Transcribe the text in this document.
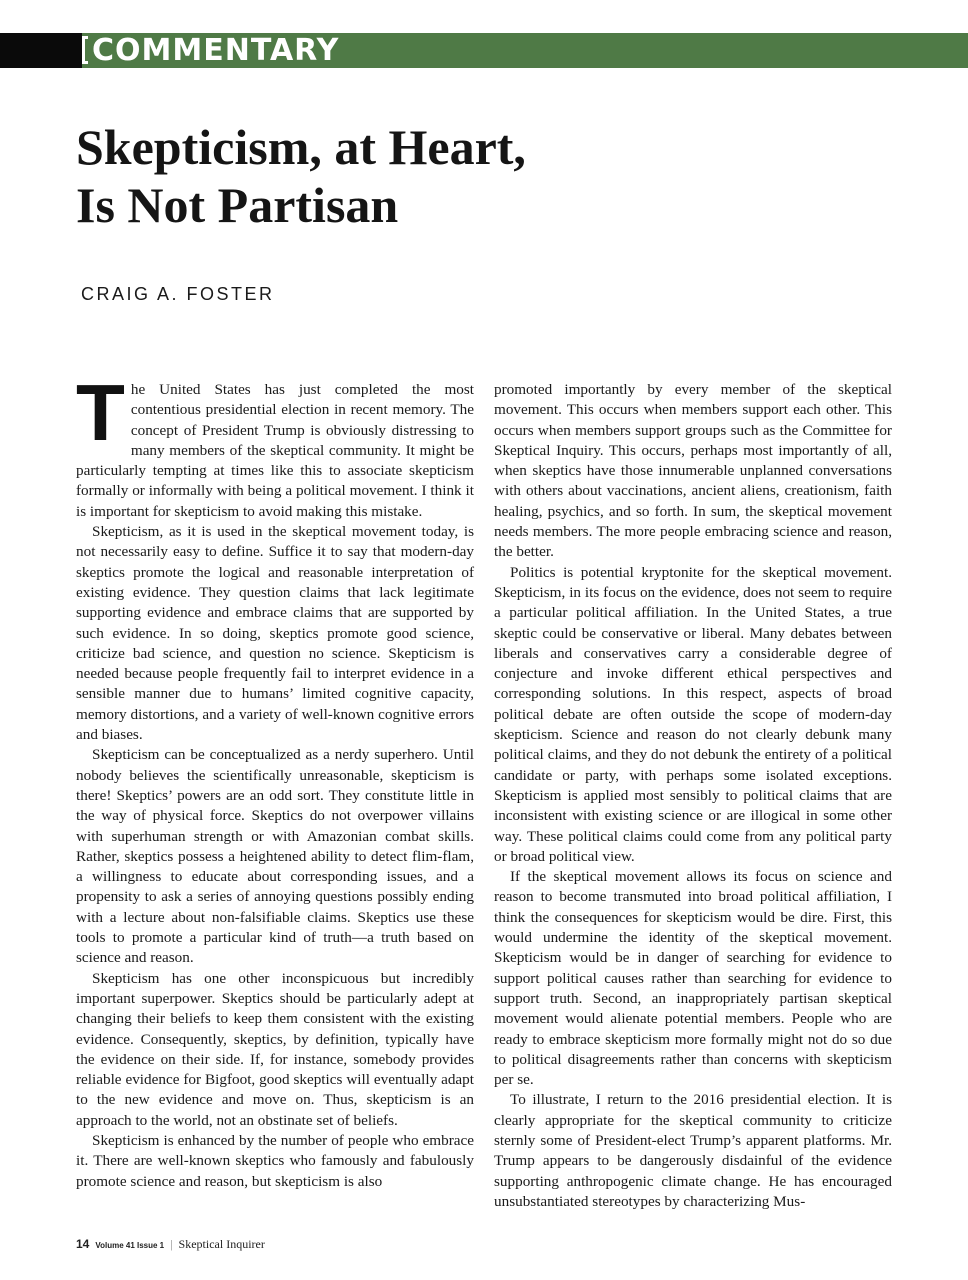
COMMENTARY
Skepticism, at Heart,
Is Not Partisan
CRAIG A. FOSTER

The United States has just completed the most contentious presidential election in recent memory. The concept of President Trump is obviously distressing to many members of the skeptical community. It might be particularly tempting at times like this to associate skepticism formally or informally with being a political movement. I think it is important for skepticism to avoid making this mistake.

Skepticism, as it is used in the skeptical movement today, is not necessarily easy to define. Suffice it to say that modern-day skeptics promote the logical and reasonable interpretation of existing evidence. They question claims that lack legitimate supporting evidence and embrace claims that are supported by such evidence. In so doing, skeptics promote good science, criticize bad science, and question no science. Skepticism is needed because people frequently fail to interpret evidence in a sensible manner due to humans’ limited cognitive capacity, memory distortions, and a variety of well-known cognitive errors and biases.

Skepticism can be conceptualized as a nerdy superhero. Until nobody believes the scientifically unreasonable, skepticism is there! Skeptics’ powers are an odd sort. They constitute little in the way of physical force. Skeptics do not overpower villains with superhuman strength or with Amazonian combat skills. Rather, skeptics possess a heightened ability to detect flim-flam, a willingness to educate about corresponding issues, and a propensity to ask a series of annoying questions possibly ending with a lecture about non-falsifiable claims. Skeptics use these tools to promote a particular kind of truth—a truth based on science and reason.

Skepticism has one other inconspicuous but incredibly important superpower. Skeptics should be particularly adept at changing their beliefs to keep them consistent with the existing evidence. Consequently, skeptics, by definition, typically have the evidence on their side. If, for instance, somebody provides reliable evidence for Bigfoot, good skeptics will eventually adapt to the new evidence and move on. Thus, skepticism is an approach to the world, not an obstinate set of beliefs.

Skepticism is enhanced by the number of people who embrace it. There are well-known skeptics who famously and fabulously promote science and reason, but skepticism is also

promoted importantly by every member of the skeptical movement. This occurs when members support each other. This occurs when members support groups such as the Committee for Skeptical Inquiry. This occurs, perhaps most importantly of all, when skeptics have those innumerable unplanned conversations with others about vaccinations, ancient aliens, creationism, faith healing, psychics, and so forth. In sum, the skeptical movement needs members. The more people embracing science and reason, the better.

Politics is potential kryptonite for the skeptical movement. Skepticism, in its focus on the evidence, does not seem to require a particular political affiliation. In the United States, a true skeptic could be conservative or liberal. Many debates between liberals and conservatives carry a considerable degree of conjecture and invoke different ethical perspectives and corresponding solutions. In this respect, aspects of broad political debate are often outside the scope of modern-day skepticism. Science and reason do not clearly debunk many political claims, and they do not debunk the entirety of a political candidate or party, with perhaps some isolated exceptions. Skepticism is applied most sensibly to political claims that are inconsistent with existing science or are illogical in some other way. These political claims could come from any political party or broad political view.

If the skeptical movement allows its focus on science and reason to become transmuted into broad political affiliation, I think the consequences for skepticism would be dire. First, this would undermine the identity of the skeptical movement. Skepticism would be in danger of searching for evidence to support political causes rather than searching for evidence to support truth. Second, an inappropriately partisan skeptical movement would alienate potential members. People who are ready to embrace skepticism more formally might not do so due to political disagreements rather than concerns with skepticism per se.

To illustrate, I return to the 2016 presidential election. It is clearly appropriate for the skeptical community to criticize sternly some of President-elect Trump’s apparent platforms. Mr. Trump appears to be dangerously disdainful of the evidence supporting anthropogenic climate change. He has encouraged unsubstantiated stereotypes by characterizing Mus-

14 Volume 41 Issue 1 | Skeptical Inquirer
